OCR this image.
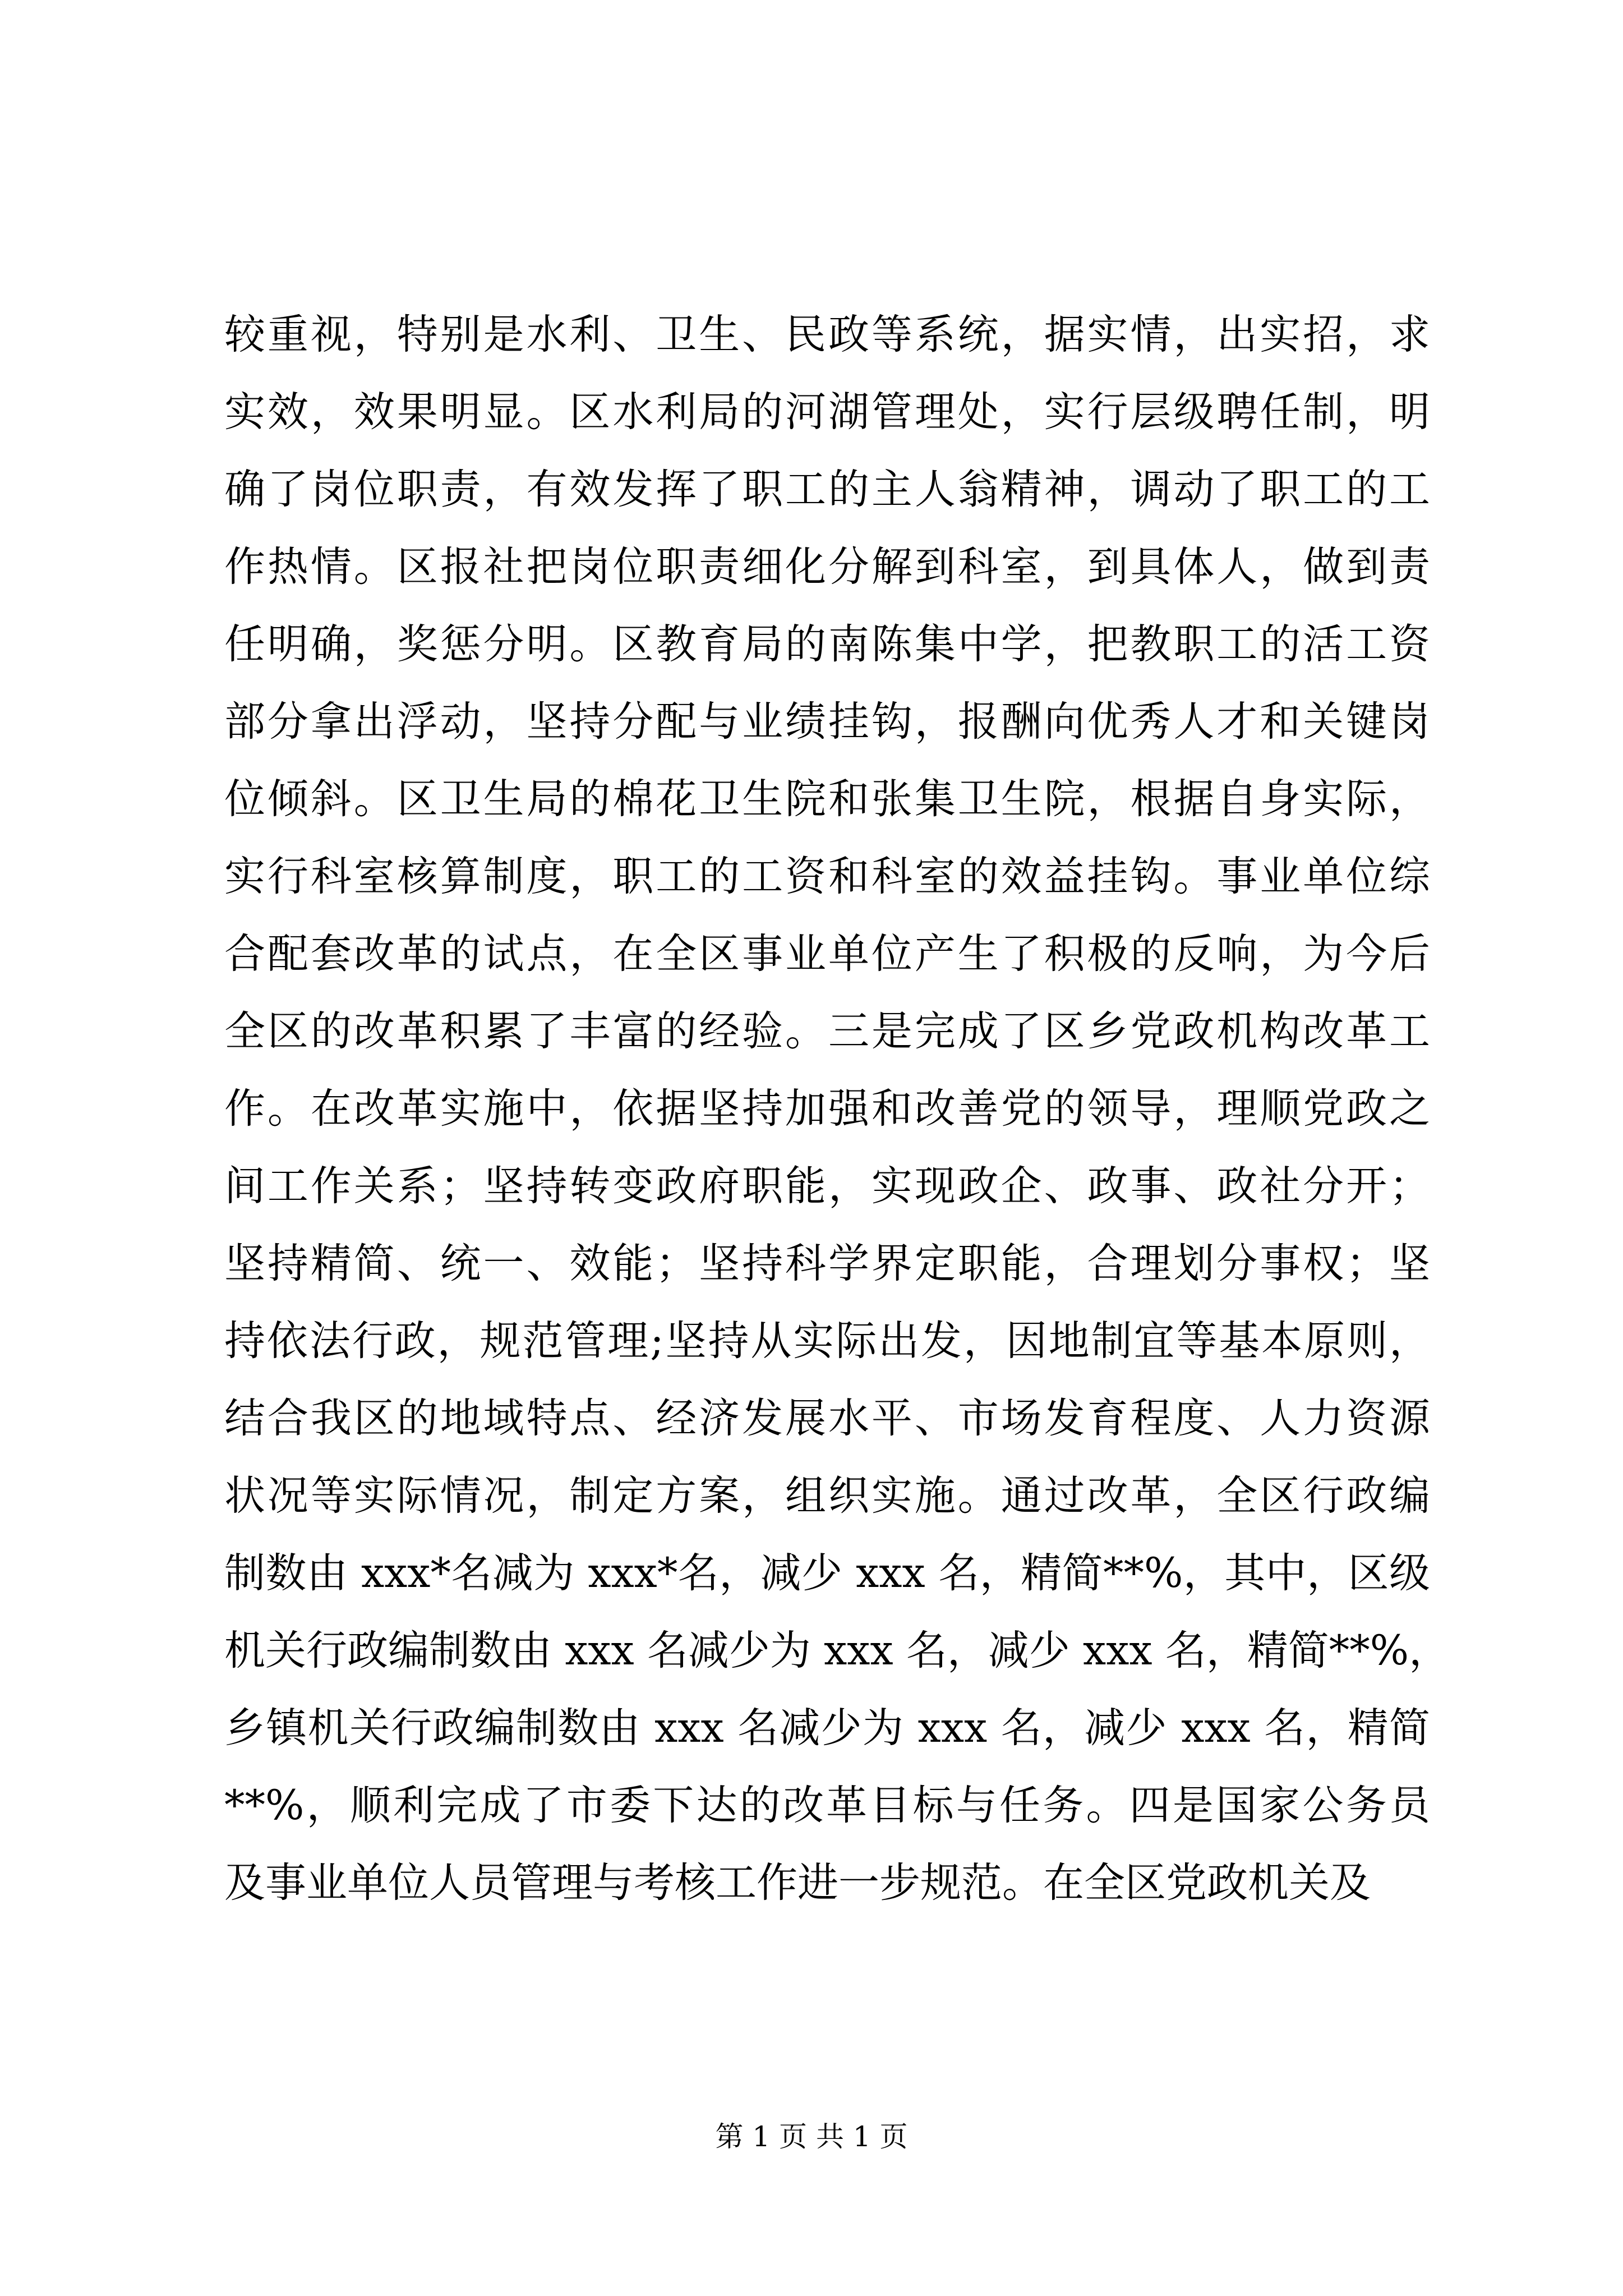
较重视，特别是水利、卫生、民政等系统，据实情，出实招，求
实效，效果明显。区水利局的河湖管理处，实行层级聘任制，明
确了岗位职责，有效发挥了职工的主人翁精神，调动了职工的工
作热情。区报社把岗位职责细化分解到科室，到具体人，做到责
任明确，奖惩分明。区教育局的南陈集中学，把教职工的活工资
部分拿出浮动，坚持分配与业绩挂钩，报酬向优秀人才和关键岗
位倾斜。区卫生局的棉花卫生院和张集卫生院，根据自身实际，
实行科室核算制度，职工的工资和科室的效益挂钩。事业单位综
合配套改革的试点，在全区事业单位产生了积极的反响，为今后
全区的改革积累了丰富的经验。三是完成了区乡党政机构改革工
作。在改革实施中，依据坚持加强和改善党的领导，理顺党政之
间工作关系；坚持转变政府职能，实现政企、政事、政社分开；
坚持精简、统一、效能；坚持科学界定职能，合理划分事权；坚
持依法行政，规范管理;坚持从实际出发，因地制宜等基本原则，
结合我区的地域特点、经济发展水平、市场发育程度、人力资源
状况等实际情况，制定方案，组织实施。通过改革，全区行政编
制数由 xxx*名减为 xxx*名，减少 xxx 名，精简**%，其中，区级
机关行政编制数由 xxx 名减少为 xxx 名，减少 xxx 名，精简**%，
乡镇机关行政编制数由 xxx 名减少为 xxx 名，减少 xxx 名，精简
**%，顺利完成了市委下达的改革目标与任务。四是国家公务员
及事业单位人员管理与考核工作进一步规范。在全区党政机关及
第 1 页 共 1 页
